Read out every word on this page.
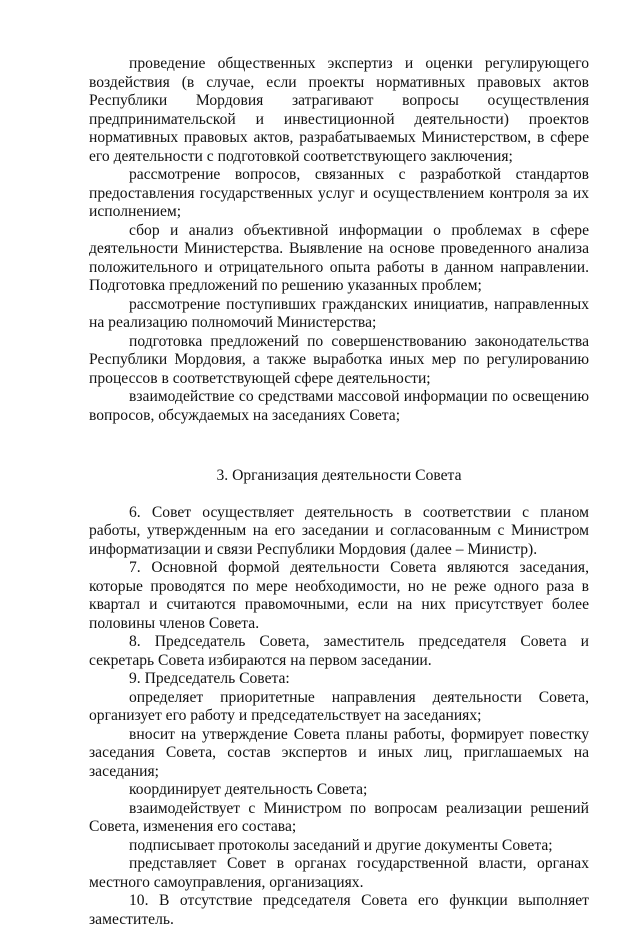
проведение общественных экспертиз и оценки регулирующего воздействия (в случае, если проекты нормативных правовых актов Республики Мордовия затрагивают вопросы осуществления предпринимательской и инвестиционной деятельности) проектов нормативных правовых актов, разрабатываемых Министерством, в сфере его деятельности с подготовкой соответствующего заключения;

рассмотрение вопросов, связанных с разработкой стандартов предоставления государственных услуг и осуществлением контроля за их исполнением;

сбор и анализ объективной информации о проблемах в сфере деятельности Министерства. Выявление на основе проведенного анализа положительного и отрицательного опыта работы в данном направлении. Подготовка предложений по решению указанных проблем;

рассмотрение поступивших гражданских инициатив, направленных на реализацию полномочий Министерства;

подготовка предложений по совершенствованию законодательства Республики Мордовия, а также выработка иных мер по регулированию процессов в соответствующей сфере деятельности;

взаимодействие со средствами массовой информации по освещению вопросов, обсуждаемых на заседаниях Совета;

3. Организация деятельности Совета

6. Совет осуществляет деятельность в соответствии с планом работы, утвержденным на его заседании и согласованным с Министром информатизации и связи Республики Мордовия (далее – Министр).

7. Основной формой деятельности Совета являются заседания, которые проводятся по мере необходимости, но не реже одного раза в квартал и считаются правомочными, если на них присутствует более половины членов Совета.

8. Председатель Совета, заместитель председателя Совета и секретарь Совета избираются на первом заседании.

9. Председатель Совета:

определяет приоритетные направления деятельности Совета, организует его работу и председательствует на заседаниях;

вносит на утверждение Совета планы работы, формирует повестку заседания Совета, состав экспертов и иных лиц, приглашаемых на заседания;

координирует деятельность Совета;

взаимодействует с Министром по вопросам реализации решений Совета, изменения его состава;

подписывает протоколы заседаний и другие документы Совета;

представляет Совет в органах государственной власти, органах местного самоуправления, организациях.

10. В отсутствие председателя Совета его функции выполняет заместитель.
